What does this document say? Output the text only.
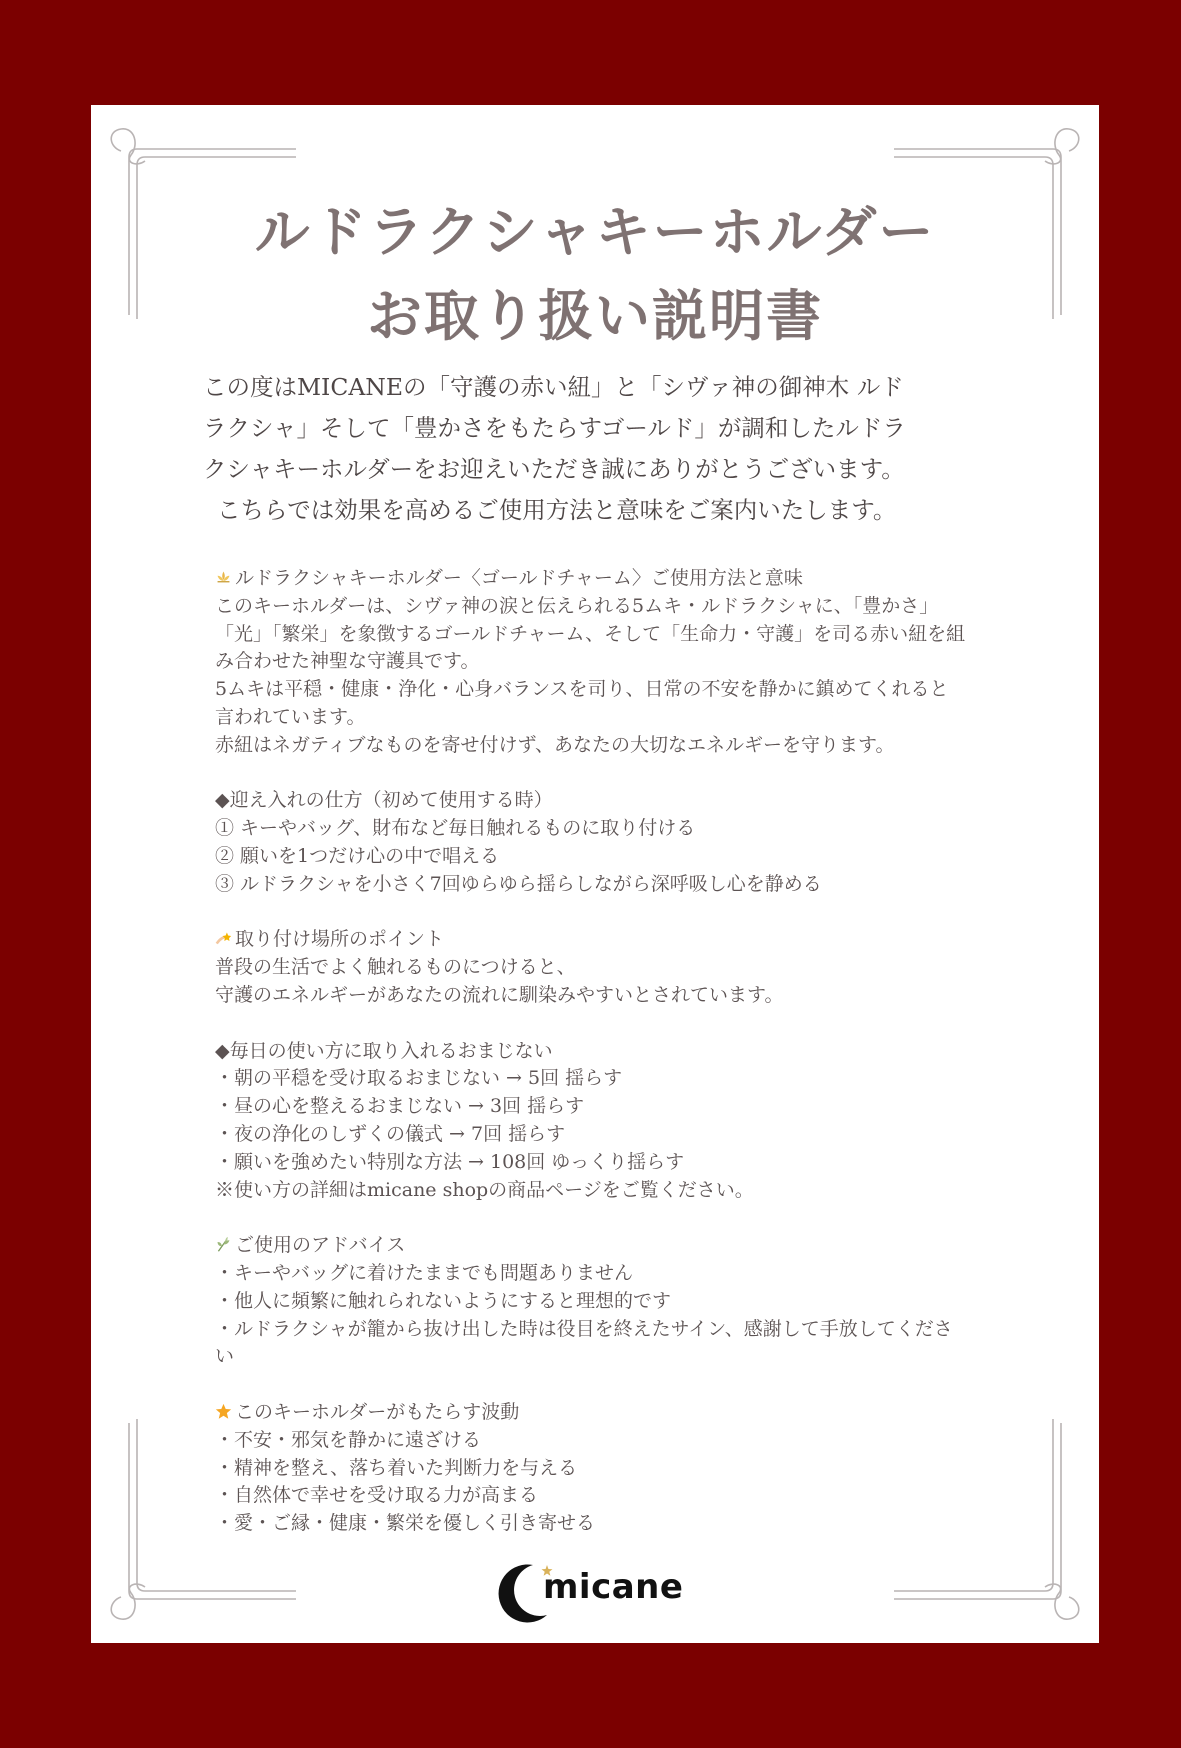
ルドラクシャキーホルダー
お取り扱い説明書

この度はMICANEの「守護の赤い紐」と「シヴァ神の御神木 ルド

ラクシャ」そして「豊かさをもたらすゴールド」が調和したルドラ

クシャキーホルダーをお迎えいただき誠にありがとうございます。

こちらでは効果を高めるご使用方法と意味をご案内いたします。

ルドラクシャキーホルダー〈ゴールドチャーム〉ご使用方法と意味
このキーホルダーは、シヴァ神の涙と伝えられる5ムキ・ルドラクシャに、「豊かさ」
「光」「繁栄」を象徴するゴールドチャーム、そして「生命力・守護」を司る赤い紐を組
み合わせた神聖な守護具です。
5ムキは平穏・健康・浄化・心身バランスを司り、日常の不安を静かに鎮めてくれると
言われています。
赤紐はネガティブなものを寄せ付けず、あなたの大切なエネルギーを守ります。
◆迎え入れの仕方（初めて使用する時）
① キーやバッグ、財布など毎日触れるものに取り付ける
② 願いを1つだけ心の中で唱える
③ ルドラクシャを小さく7回ゆらゆら揺らしながら深呼吸し心を静める
取り付け場所のポイント
普段の生活でよく触れるものにつけると、
守護のエネルギーがあなたの流れに馴染みやすいとされています。
◆毎日の使い方に取り入れるおまじない
・朝の平穏を受け取るおまじない → 5回 揺らす
・昼の心を整えるおまじない → 3回 揺らす
・夜の浄化のしずくの儀式 → 7回 揺らす
・願いを強めたい特別な方法 → 108回 ゆっくり揺らす
※使い方の詳細はmicane shopの商品ページをご覧ください。
ご使用のアドバイス
・キーやバッグに着けたままでも問題ありません
・他人に頻繁に触れられないようにすると理想的です
・ルドラクシャが籠から抜け出した時は役目を終えたサイン、感謝して手放してくださ
い
このキーホルダーがもたらす波動
・不安・邪気を静かに遠ざける
・精神を整え、落ち着いた判断力を与える
・自然体で幸せを受け取る力が高まる
・愛・ご縁・健康・繁栄を優しく引き寄せる
micane
